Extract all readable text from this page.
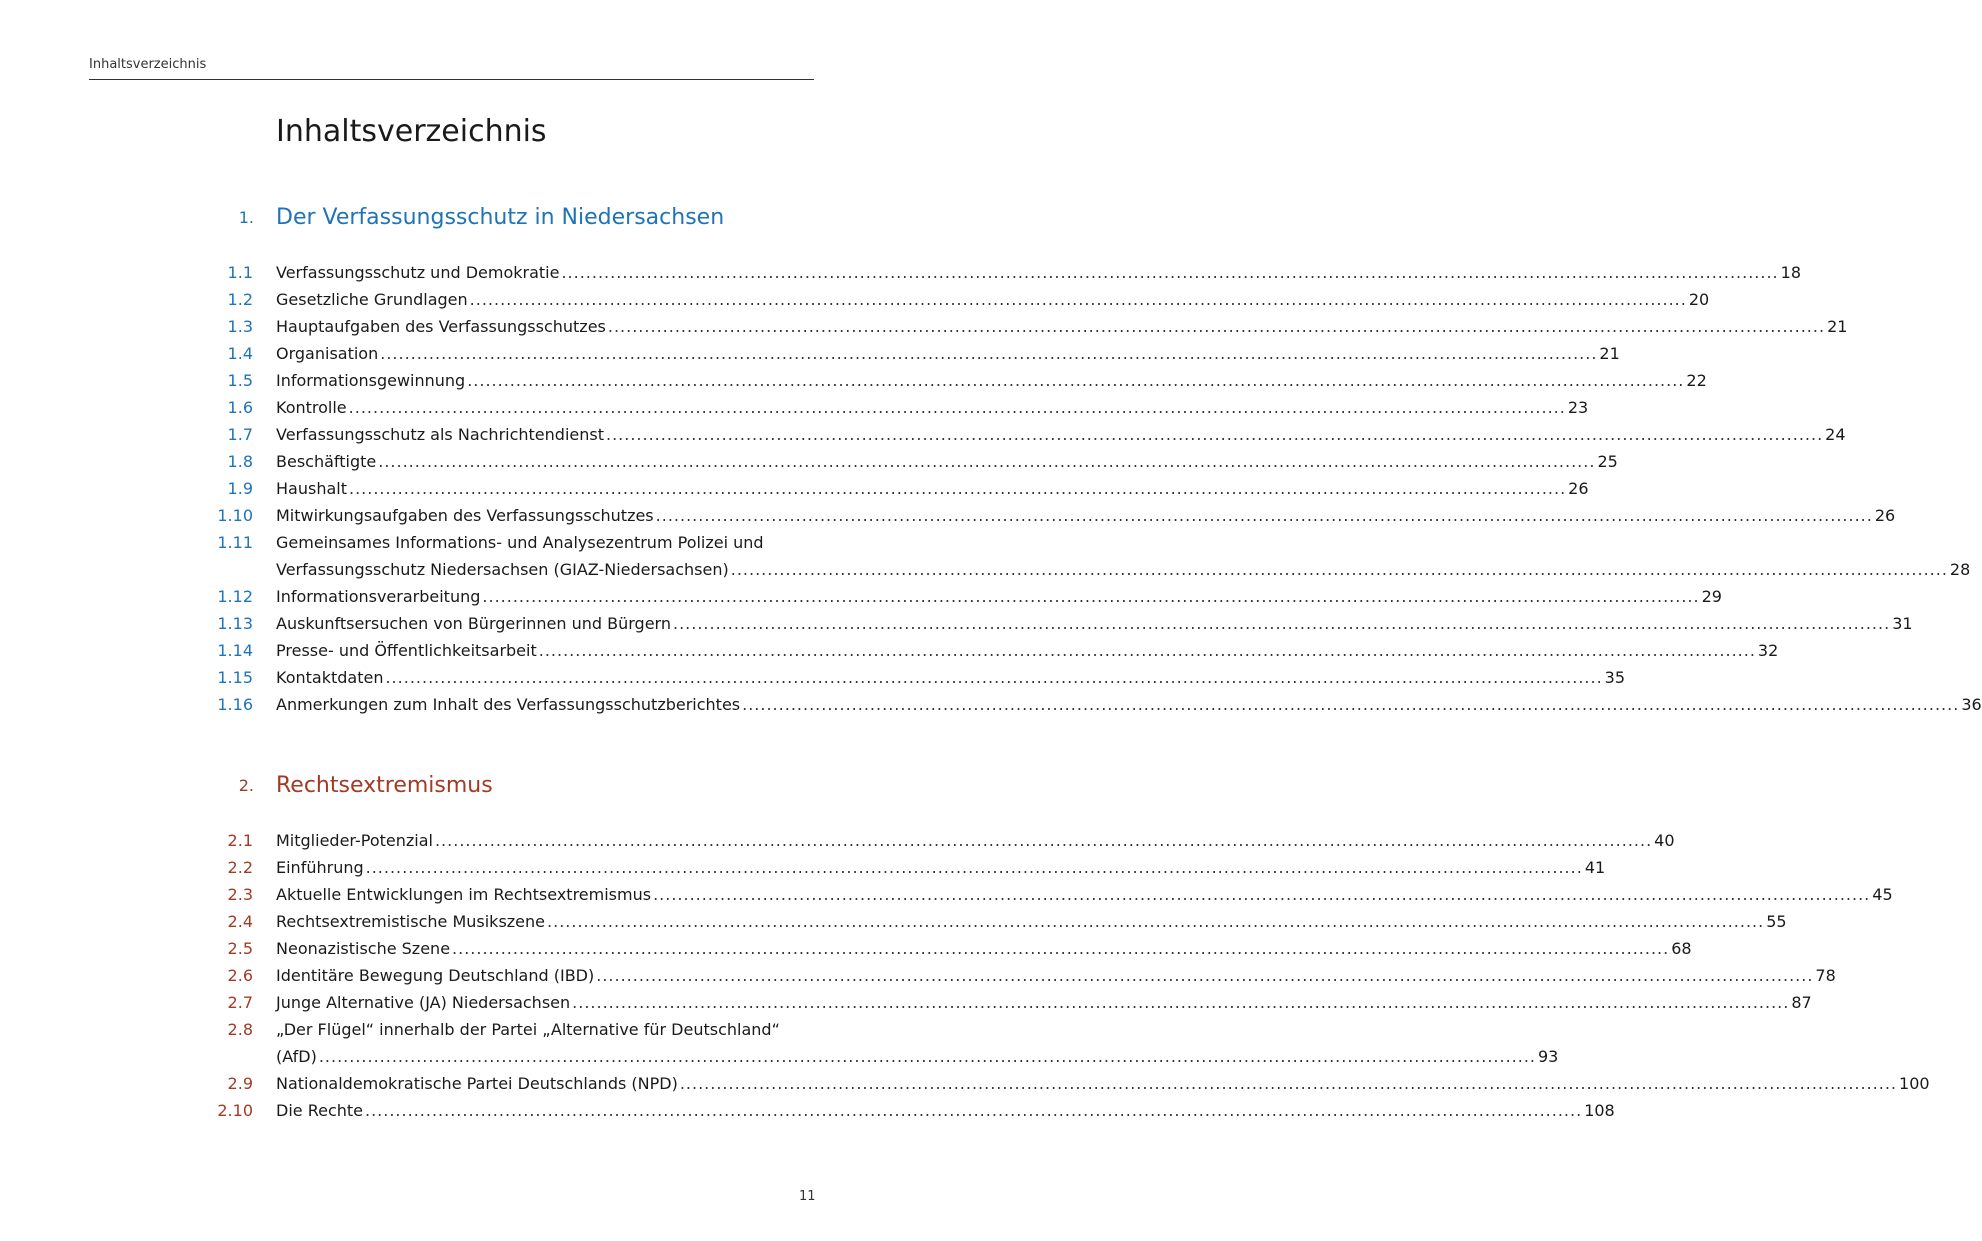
Inhaltsverzeichnis
Inhaltsverzeichnis
1. Der Verfassungsschutz in Niedersachsen
1.1 Verfassungsschutz und Demokratie ........................................................................................................................................................................................................ 18
1.2 Gesetzliche Grundlagen ........................................................................................................................................................................................................ 20
1.3 Hauptaufgaben des Verfassungsschutzes ........................................................................................................................................................................................................ 21
1.4 Organisation ........................................................................................................................................................................................................ 21
1.5 Informationsgewinnung ........................................................................................................................................................................................................ 22
1.6 Kontrolle ........................................................................................................................................................................................................ 23
1.7 Verfassungsschutz als Nachrichtendienst ........................................................................................................................................................................................................ 24
1.8 Beschäftigte ........................................................................................................................................................................................................ 25
1.9 Haushalt ........................................................................................................................................................................................................ 26
1.10 Mitwirkungsaufgaben des Verfassungsschutzes ........................................................................................................................................................................................................ 26
1.11 Gemeinsames Informations- und Analysezentrum Polizei und
Verfassungsschutz Niedersachsen (GIAZ-Niedersachsen) ........................................................................................................................................................................................................ 28
1.12 Informationsverarbeitung ........................................................................................................................................................................................................ 29
1.13 Auskunftsersuchen von Bürgerinnen und Bürgern ........................................................................................................................................................................................................ 31
1.14 Presse- und Öffentlichkeitsarbeit ........................................................................................................................................................................................................ 32
1.15 Kontaktdaten ........................................................................................................................................................................................................ 35
1.16 Anmerkungen zum Inhalt des Verfassungsschutzberichtes ........................................................................................................................................................................................................ 36
2. Rechtsextremismus
2.1 Mitglieder-Potenzial ........................................................................................................................................................................................................ 40
2.2 Einführung ........................................................................................................................................................................................................ 41
2.3 Aktuelle Entwicklungen im Rechtsextremismus ........................................................................................................................................................................................................ 45
2.4 Rechtsextremistische Musikszene ........................................................................................................................................................................................................ 55
2.5 Neonazistische Szene ........................................................................................................................................................................................................ 68
2.6 Identitäre Bewegung Deutschland (IBD) ........................................................................................................................................................................................................ 78
2.7 Junge Alternative (JA) Niedersachsen ........................................................................................................................................................................................................ 87
2.8 „Der Flügel“ innerhalb der Partei „Alternative für Deutschland“
(AfD) ........................................................................................................................................................................................................ 93
2.9 Nationaldemokratische Partei Deutschlands (NPD) ........................................................................................................................................................................................................ 100
2.10 Die Rechte ........................................................................................................................................................................................................ 108
11
